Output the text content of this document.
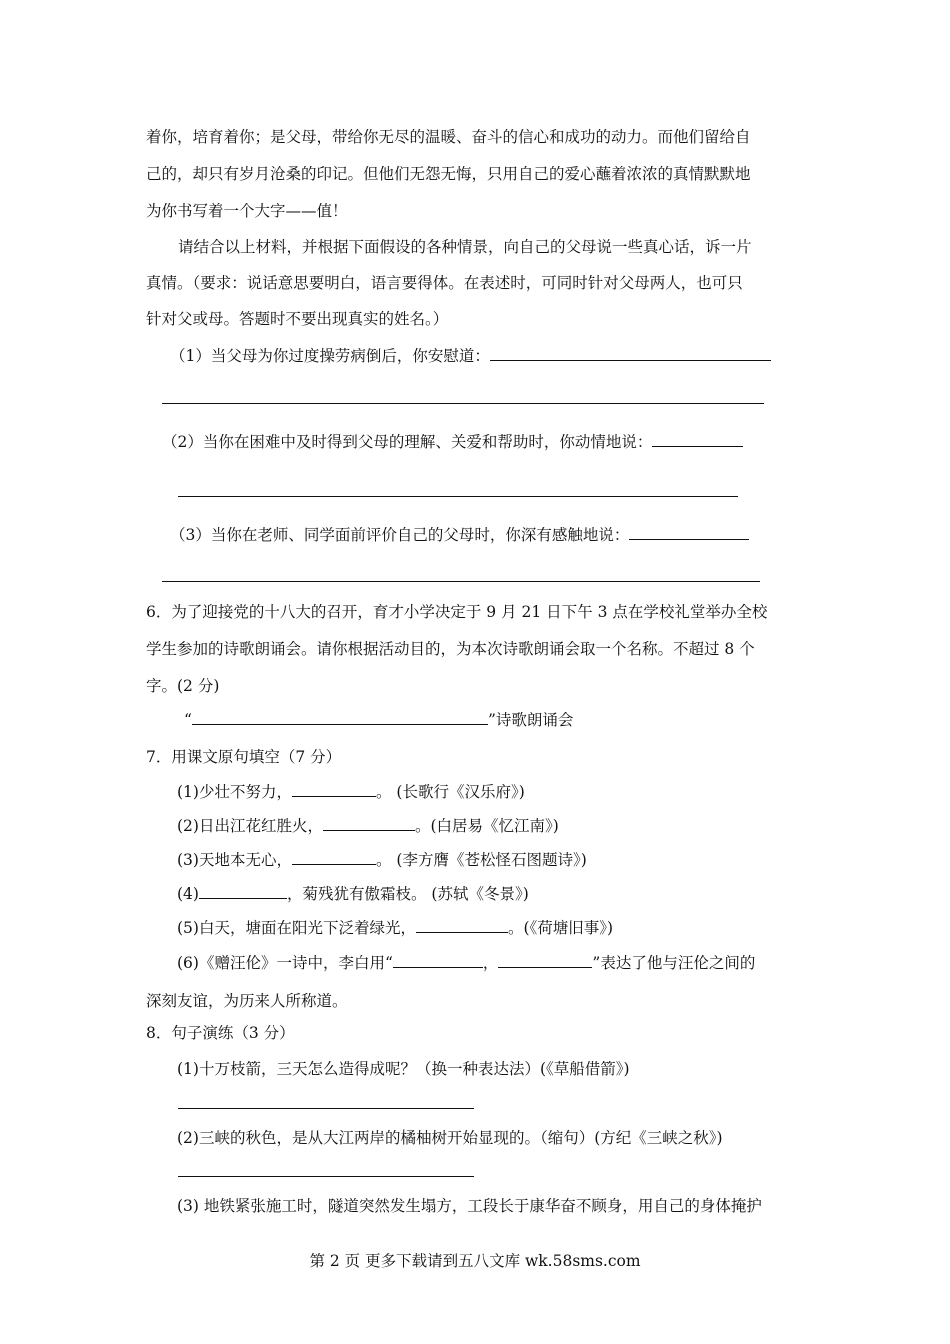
着你，培育着你；是父母，带给你无尽的温暖、奋斗的信心和成功的动力。而他们留给自
己的，却只有岁月沧桑的印记。但他们无怨无悔，只用自己的爱心蘸着浓浓的真情默默地
为你书写着一个大字——值！
请结合以上材料，并根据下面假设的各种情景，向自己的父母说一些真心话，诉一片
真情。（要求：说话意思要明白，语言要得体。在表述时，可同时针对父母两人，也可只
针对父或母。答题时不要出现真实的姓名。）
（1）当父母为你过度操劳病倒后，你安慰道：
（2）当你在困难中及时得到父母的理解、关爱和帮助时，你动情地说：
（3）当你在老师、同学面前评价自己的父母时，你深有感触地说：
6．为了迎接党的十八大的召开，育才小学决定于 9 月 21 日下午 3 点在学校礼堂举办全校
学生参加的诗歌朗诵会。请你根据活动目的，为本次诗歌朗诵会取一个名称。不超过 8 个
字。(2 分)
“	”诗歌朗诵会
7．用课文原句填空（7 分）
(1)少壮不努力，	。 (长歌行《汉乐府》)
(2)日出江花红胜火，	。(白居易《忆江南》)
(3)天地本无心，	。 (李方膺《苍松怪石图题诗》)
(4)	，菊残犹有傲霜枝。 (苏轼《冬景》)
(5)白天，塘面在阳光下泛着绿光，	。(《荷塘旧事》)
(6)《赠汪伦》一诗中，李白用“	，	”表达了他与汪伦之间的
深刻友谊，为历来人所称道。
8．句子演练（3 分）
(1)十万枝箭，三天怎么造得成呢？（换一种表达法）(《草船借箭》)
(2)三峡的秋色，是从大江两岸的橘柚树开始显现的。（缩句）(方纪《三峡之秋》)
(3) 地铁紧张施工时，隧道突然发生塌方，工段长于康华奋不顾身，用自己的身体掩护
第 2 页 更多下载请到五八文库 wk.58sms.com
